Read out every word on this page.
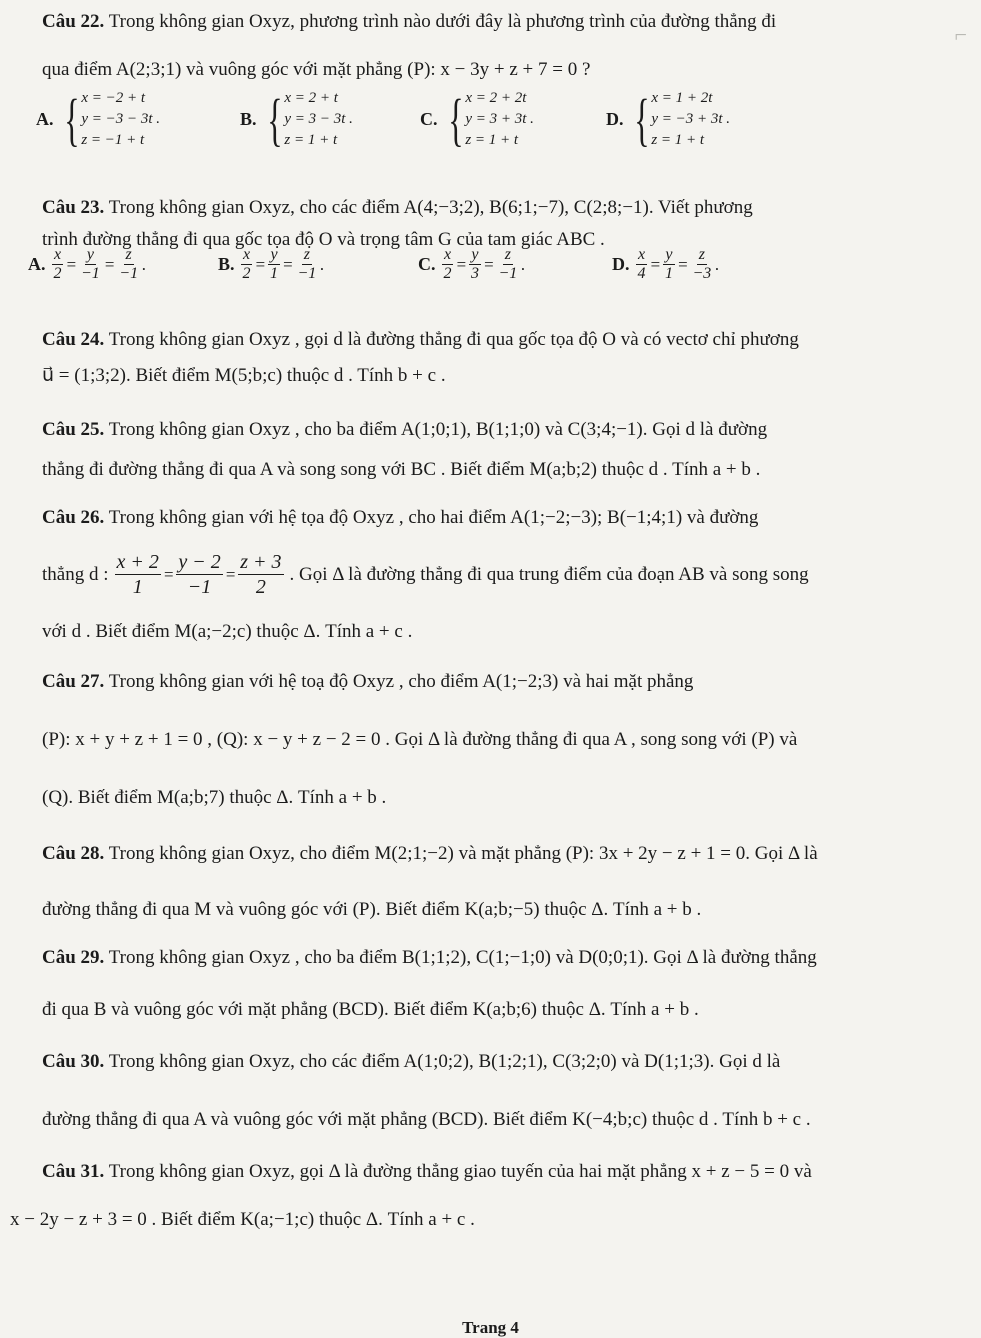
⌐
Câu 22. Trong không gian Oxyz, phương trình nào dưới đây là phương trình của đường thẳng đi
qua điểm A(2;3;1) và vuông góc với mặt phẳng (P): x − 3y + z + 7 = 0 ?
A. { x = −2 + t
y = −3 − 3t .
z = −1 + t
B. { x = 2 + t
y = 3 − 3t .
z = 1 + t
C. { x = 2 + 2t
y = 3 + 3t .
z = 1 + t
D. { x = 1 + 2t
y = −3 + 3t .
z = 1 + t
Câu 23. Trong không gian Oxyz, cho các điểm A(4;−3;2), B(6;1;−7), C(2;8;−1). Viết phương
trình đường thẳng đi qua gốc tọa độ O và trọng tâm G của tam giác ABC .
A. $\frac{x}{2} = \frac{y}{-1} = \frac{z}{-1}$ .	B. $\frac{x}{2} = \frac{y}{1} = \frac{z}{-1}$ .	C. $\frac{x}{2} = \frac{y}{3} = \frac{z}{-1}$ .	D. $\frac{x}{4} = \frac{y}{1} = \frac{z}{-3}$ .
Câu 24. Trong không gian Oxyz , gọi d là đường thẳng đi qua gốc tọa độ O và có vectơ chỉ phương
u⃗ = (1;3;2). Biết điểm M(5;b;c) thuộc d . Tính b + c .
Câu 25. Trong không gian Oxyz , cho ba điểm A(1;0;1), B(1;1;0) và C(3;4;−1). Gọi d là đường
thẳng đi đường thẳng đi qua A và song song với BC . Biết điểm M(a;b;2) thuộc d . Tính a + b .
Câu 26. Trong không gian với hệ tọa độ Oxyz , cho hai điểm A(1;−2;−3); B(−1;4;1) và đường
thẳng d : $\frac{x + 2}{1} = \frac{y - 2}{-1} = \frac{z + 3}{2}$ . Gọi Δ là đường thẳng đi qua trung điểm của đoạn AB và song song
với d . Biết điểm M(a;−2;c) thuộc Δ. Tính a + c .
Câu 27. Trong không gian với hệ toạ độ Oxyz , cho điểm A(1;−2;3) và hai mặt phẳng
(P): x + y + z + 1 = 0 , (Q): x − y + z − 2 = 0 . Gọi Δ là đường thẳng đi qua A , song song với (P) và
(Q). Biết điểm M(a;b;7) thuộc Δ. Tính a + b .
Câu 28. Trong không gian Oxyz, cho điểm M(2;1;−2) và mặt phẳng (P): 3x + 2y − z + 1 = 0. Gọi Δ là
đường thẳng đi qua M và vuông góc với (P). Biết điểm K(a;b;−5) thuộc Δ. Tính a + b .
Câu 29. Trong không gian Oxyz , cho ba điểm B(1;1;2), C(1;−1;0) và D(0;0;1). Gọi Δ là đường thẳng
đi qua B và vuông góc với mặt phẳng (BCD). Biết điểm K(a;b;6) thuộc Δ. Tính a + b .
Câu 30. Trong không gian Oxyz, cho các điểm A(1;0;2), B(1;2;1), C(3;2;0) và D(1;1;3). Gọi d là
đường thẳng đi qua A và vuông góc với mặt phẳng (BCD). Biết điểm K(−4;b;c) thuộc d . Tính b + c .
Câu 31. Trong không gian Oxyz, gọi Δ là đường thẳng giao tuyến của hai mặt phẳng x + z − 5 = 0 và
x − 2y − z + 3 = 0 . Biết điểm K(a;−1;c) thuộc Δ. Tính a + c .
Trang 4
